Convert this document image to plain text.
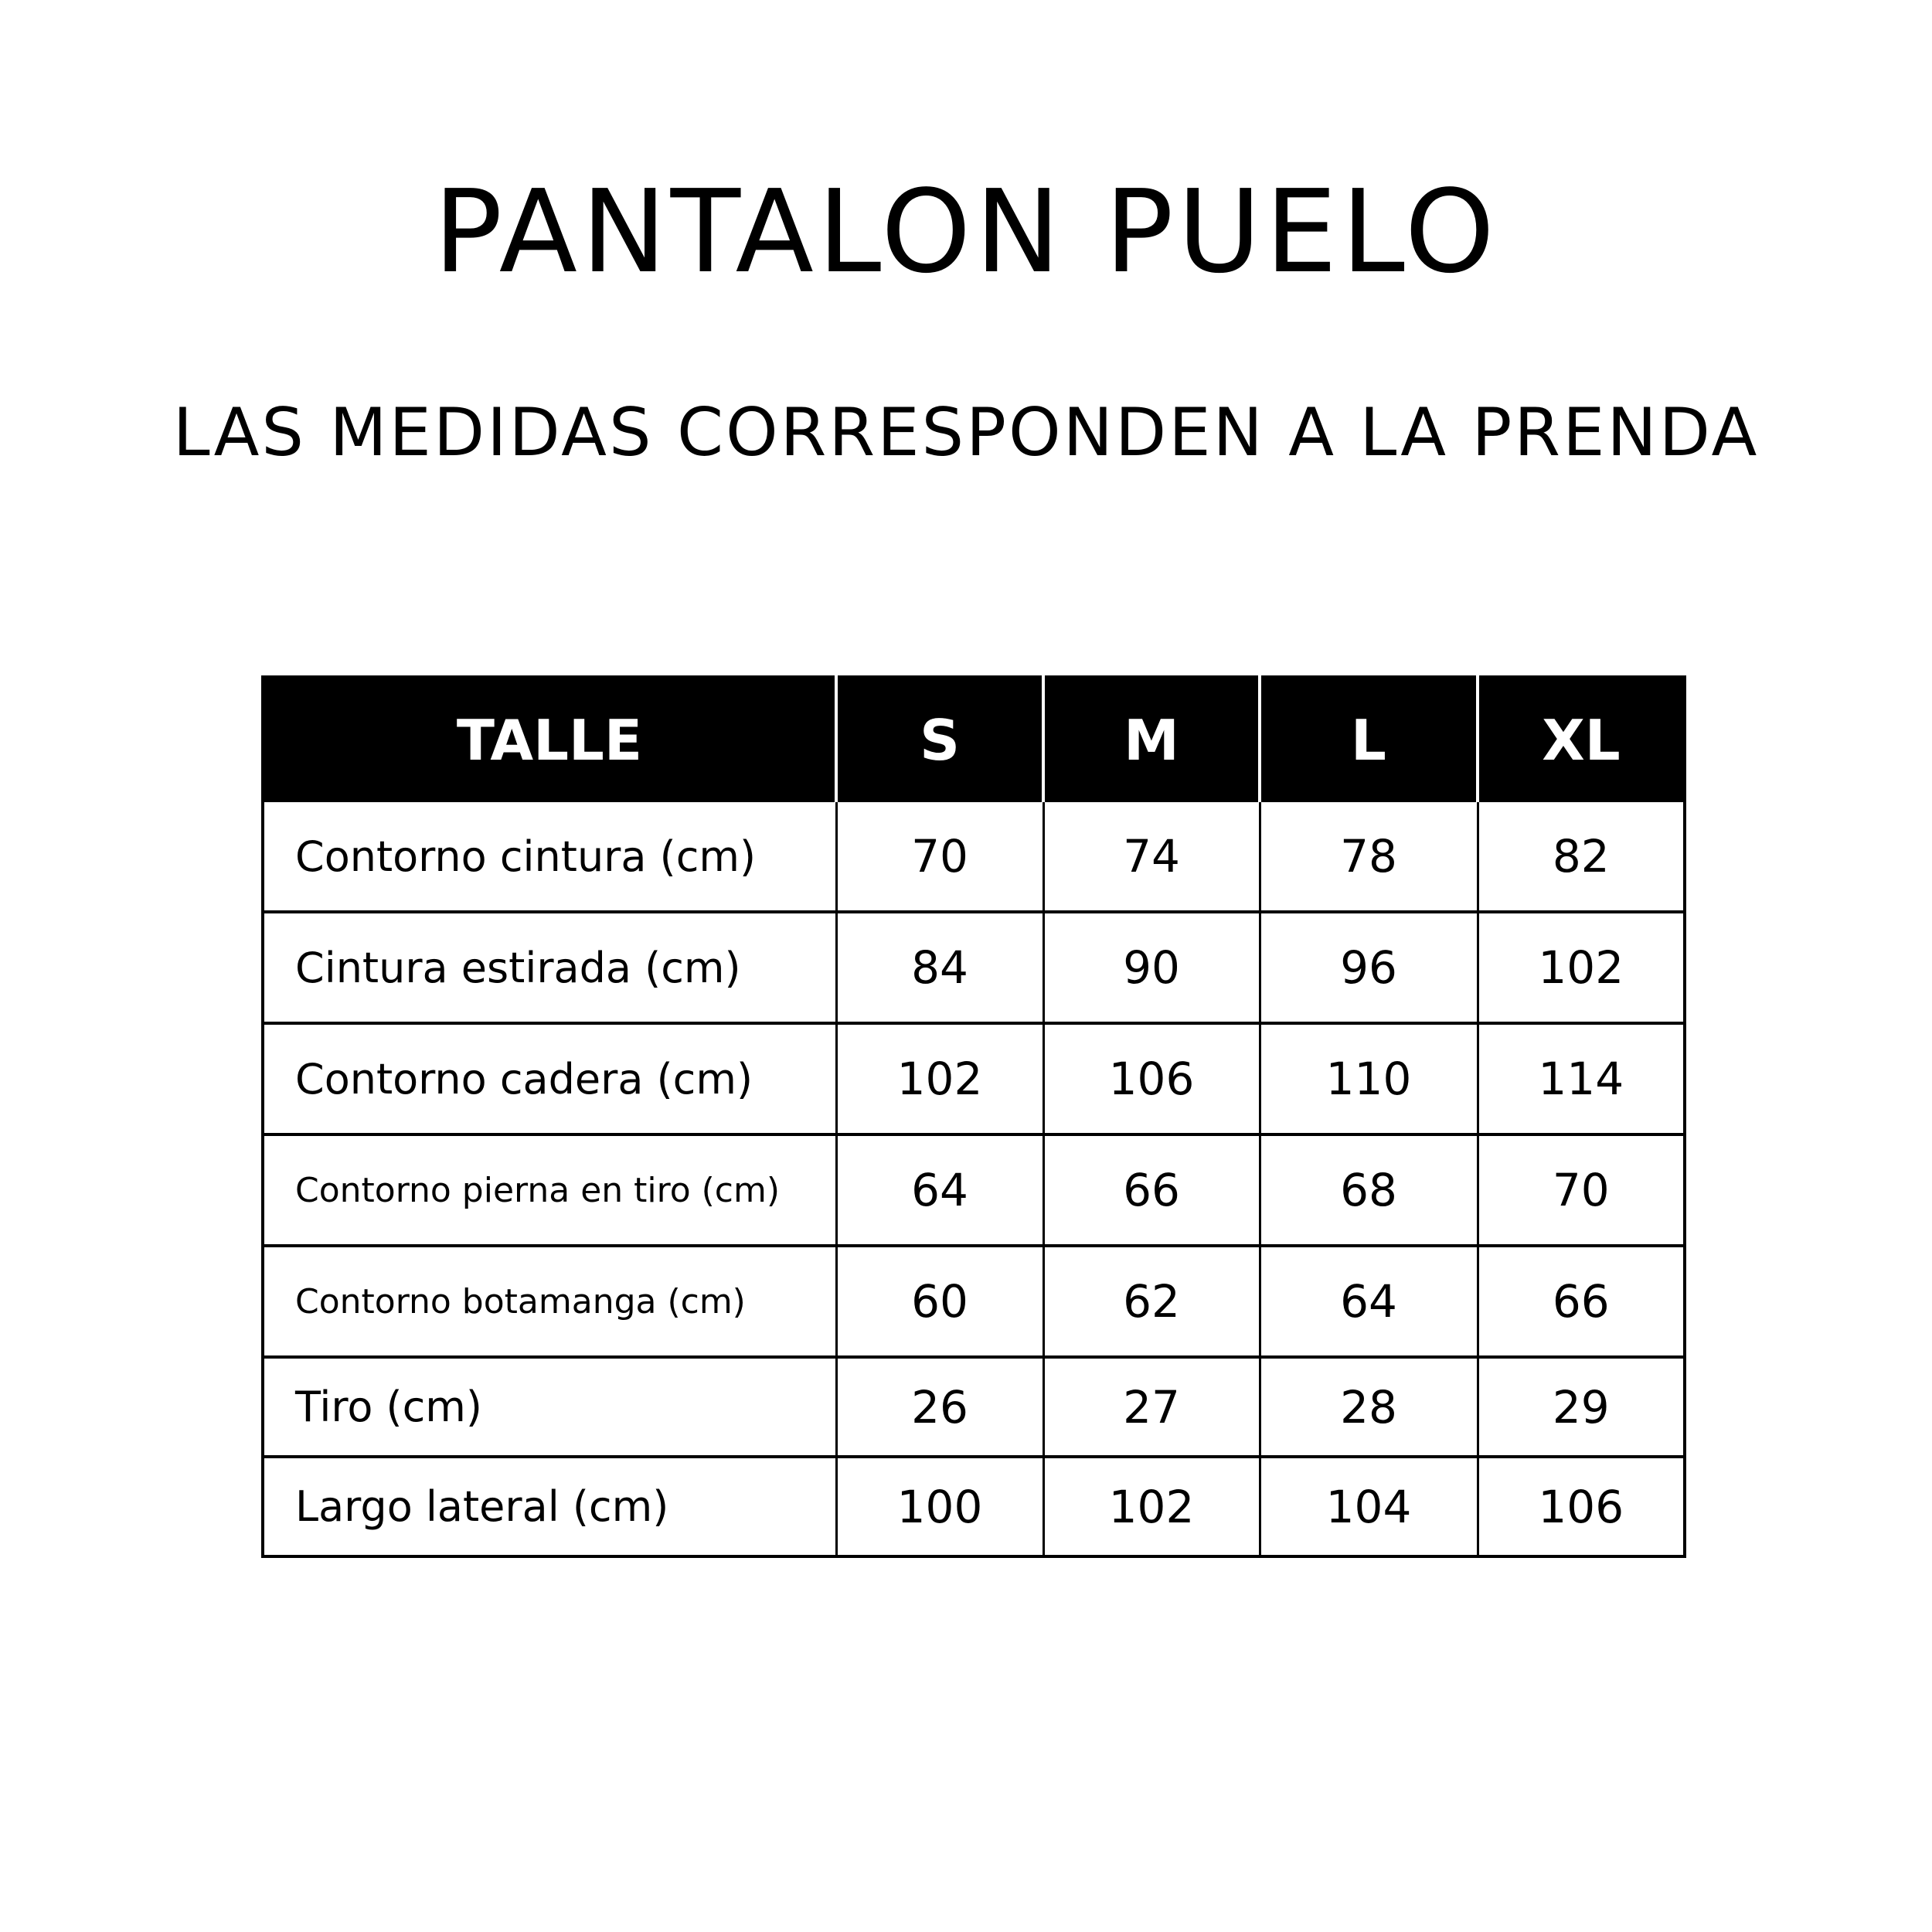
PANTALON PUELO
LAS MEDIDAS CORRESPONDEN A LA PRENDA
TALLE	S	M	L	XL
Contorno cintura (cm)	70	74	78	82
Cintura estirada (cm)	84	90	96	102
Contorno cadera (cm)	102	106	110	114
Contorno pierna en tiro (cm)	64	66	68	70
Contorno botamanga (cm)	60	62	64	66
Tiro (cm)	26	27	28	29
Largo lateral (cm)	100	102	104	106
